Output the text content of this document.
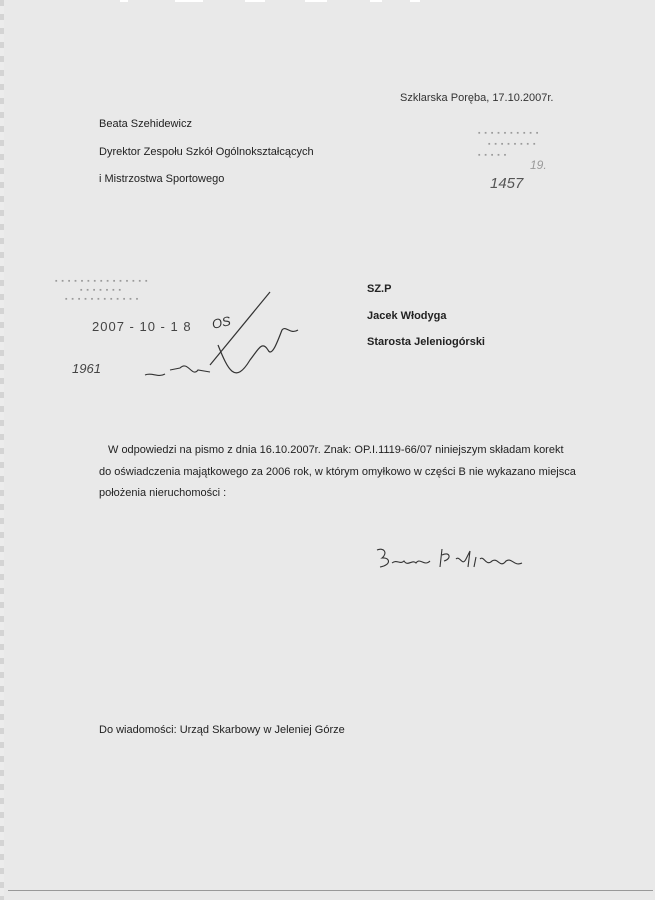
Szklarska Poręba, 17.10.2007r.
Beata Szehidewicz
Dyrektor Zespołu Szkół Ogólnokształcących
i Mistrzostwa Sportowego
▪ ▪ ▪ ▪ ▪ ▪ ▪ ▪ ▪ ▪
▪ ▪ ▪ ▪ ▪ ▪ ▪ ▪
▪ ▪ ▪ ▪ ▪
19.
1457
▪ ▪ ▪ ▪ ▪ ▪ ▪ ▪ ▪ ▪ ▪ ▪ ▪ ▪ ▪
▪ ▪ ▪ ▪ ▪ ▪ ▪
▪ ▪ ▪ ▪ ▪ ▪ ▪ ▪ ▪ ▪ ▪ ▪
2007 - 10 - 1 8
1961
OS
SZ.P
Jacek Włodyga
Starosta Jeleniogórski
W odpowiedzi na pismo z dnia 16.10.2007r. Znak: OP.I.1119-66/07 niniejszym składam korekt
do oświadczenia majątkowego za 2006 rok, w którym omyłkowo w części B nie wykazano miejsca
położenia nieruchomości :
Do wiadomości: Urząd Skarbowy w Jeleniej Górze
